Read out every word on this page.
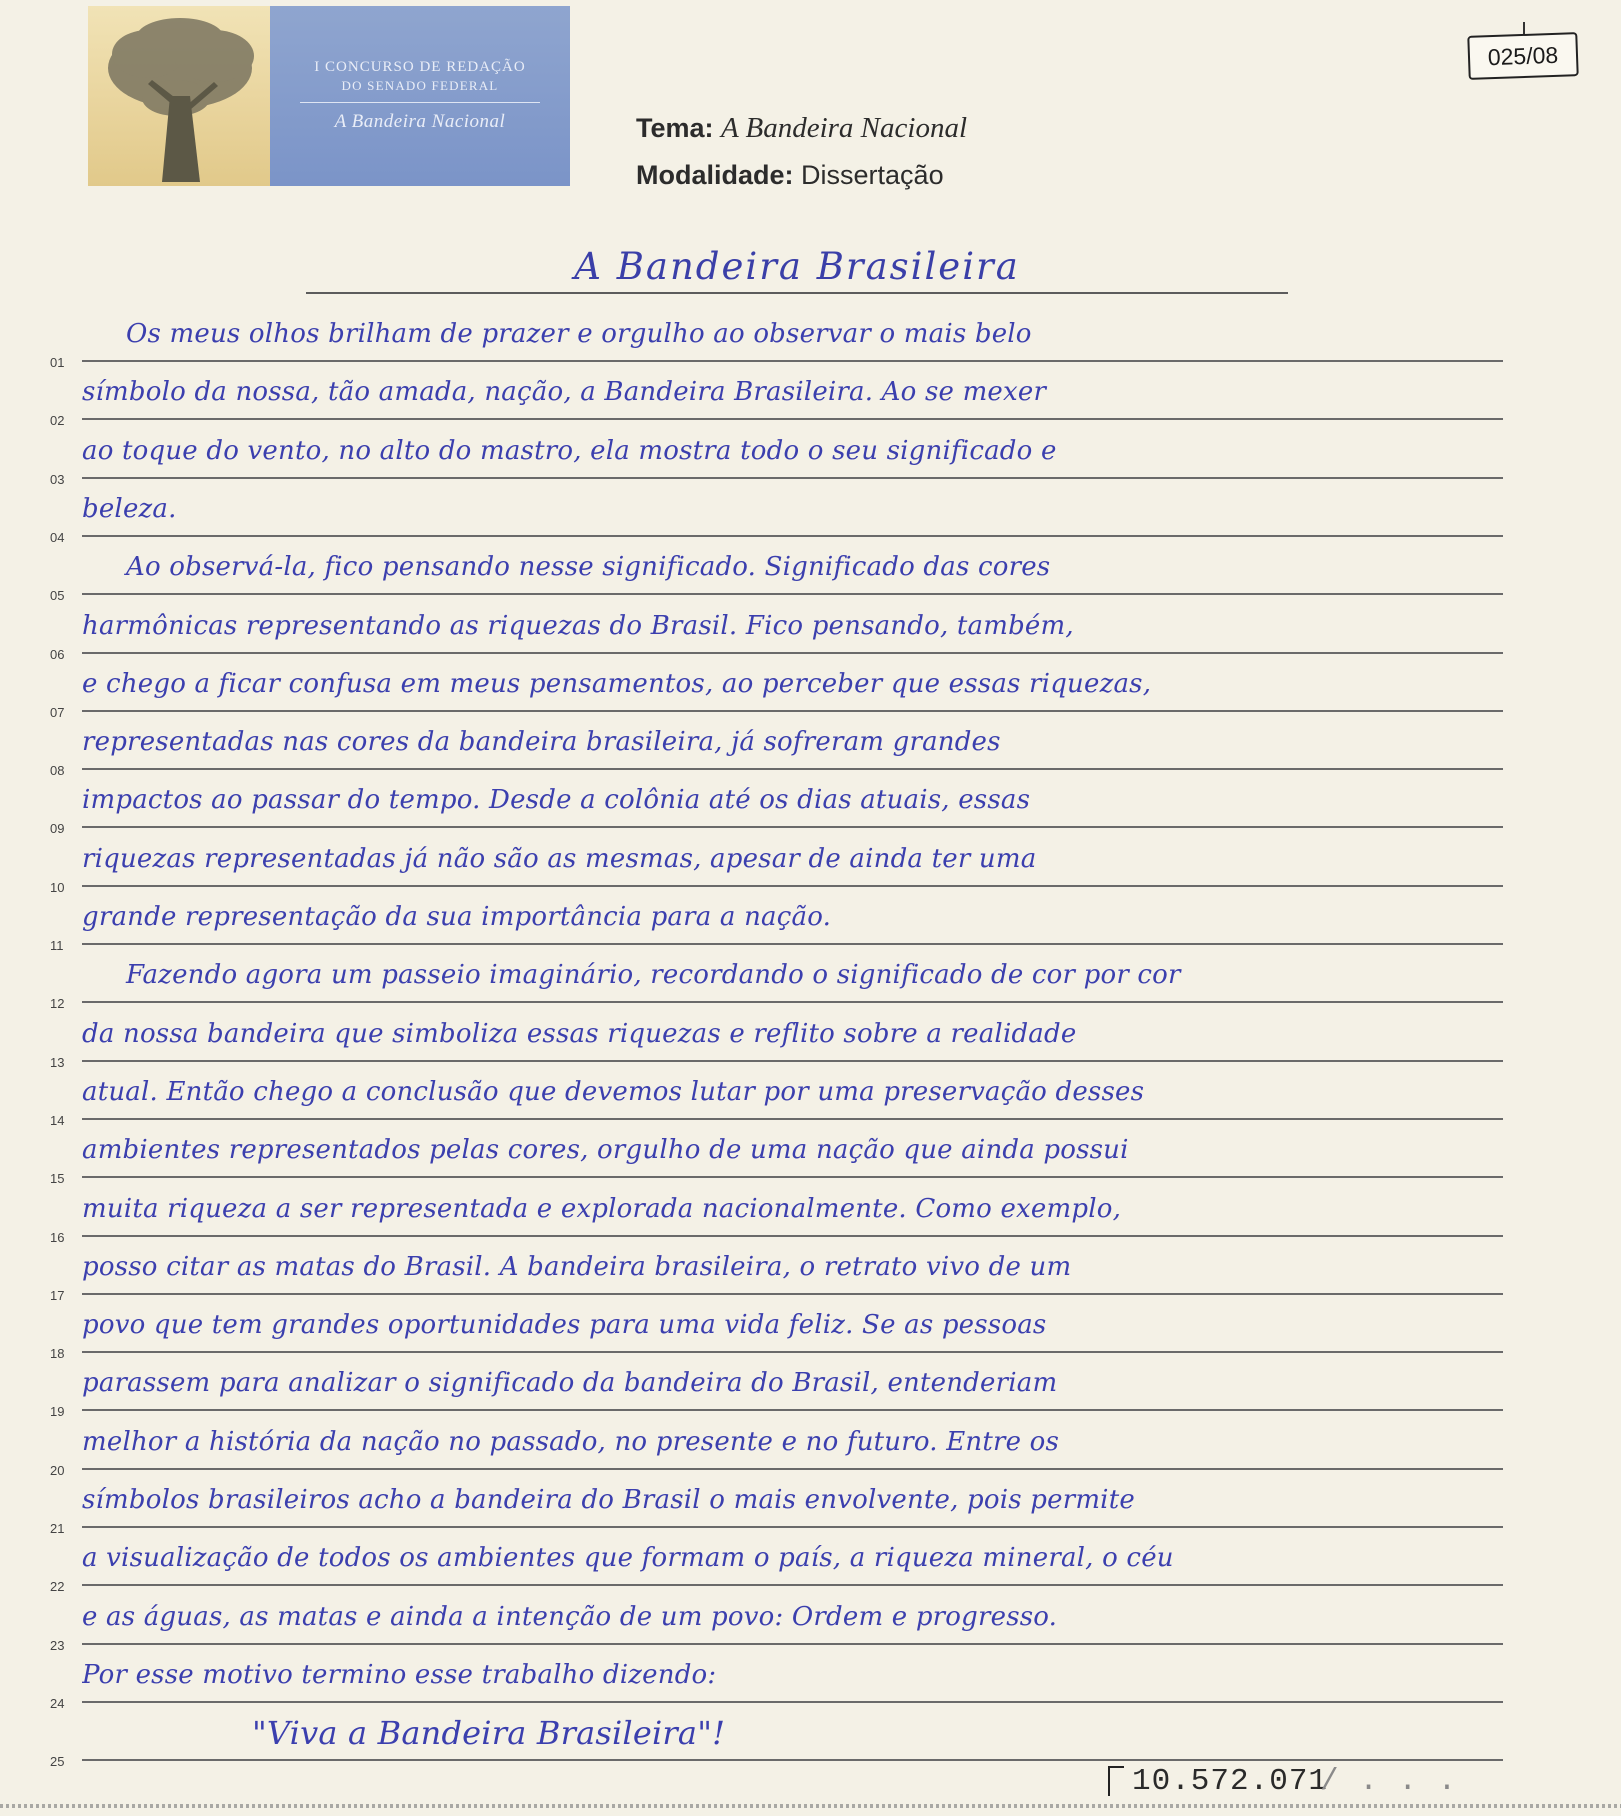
I CONCURSO DE REDAÇÃO
DO SENADO FEDERAL
A Bandeira Nacional
025/08
Tema: A Bandeira Nacional
Modalidade: Dissertação
A Bandeira Brasileira
01
Os meus olhos brilham de prazer e orgulho ao observar o mais belo
02
símbolo da nossa, tão amada, nação, a Bandeira Brasileira. Ao se mexer
03
ao toque do vento, no alto do mastro, ela mostra todo o seu significado e
04
beleza.
05
Ao observá-la, fico pensando nesse significado. Significado das cores
06
harmônicas representando as riquezas do Brasil. Fico pensando, também,
07
e chego a ficar confusa em meus pensamentos, ao perceber que essas riquezas,
08
representadas nas cores da bandeira brasileira, já sofreram grandes
09
impactos ao passar do tempo. Desde a colônia até os dias atuais, essas
10
riquezas representadas já não são as mesmas, apesar de ainda ter uma
11
grande representação da sua importância para a nação.
12
Fazendo agora um passeio imaginário, recordando o significado de cor por cor
13
da nossa bandeira que simboliza essas riquezas e reflito sobre a realidade
14
atual. Então chego a conclusão que devemos lutar por uma preservação desses
15
ambientes representados pelas cores, orgulho de uma nação que ainda possui
16
muita riqueza a ser representada e explorada nacionalmente. Como exemplo,
17
posso citar as matas do Brasil. A bandeira brasileira, o retrato vivo de um
18
povo que tem grandes oportunidades para uma vida feliz. Se as pessoas
19
parassem para analizar o significado da bandeira do Brasil, entenderiam
20
melhor a história da nação no passado, no presente e no futuro. Entre os
21
símbolos brasileiros acho a bandeira do Brasil o mais envolvente, pois permite
22
a visualização de todos os ambientes que formam o país, a riqueza mineral, o céu
23
e as águas, as matas e ainda a intenção de um povo: Ordem e progresso.
24
Por esse motivo termino esse trabalho dizendo:
25
"Viva a Bandeira Brasileira"!
10.572.071
/ . . .
